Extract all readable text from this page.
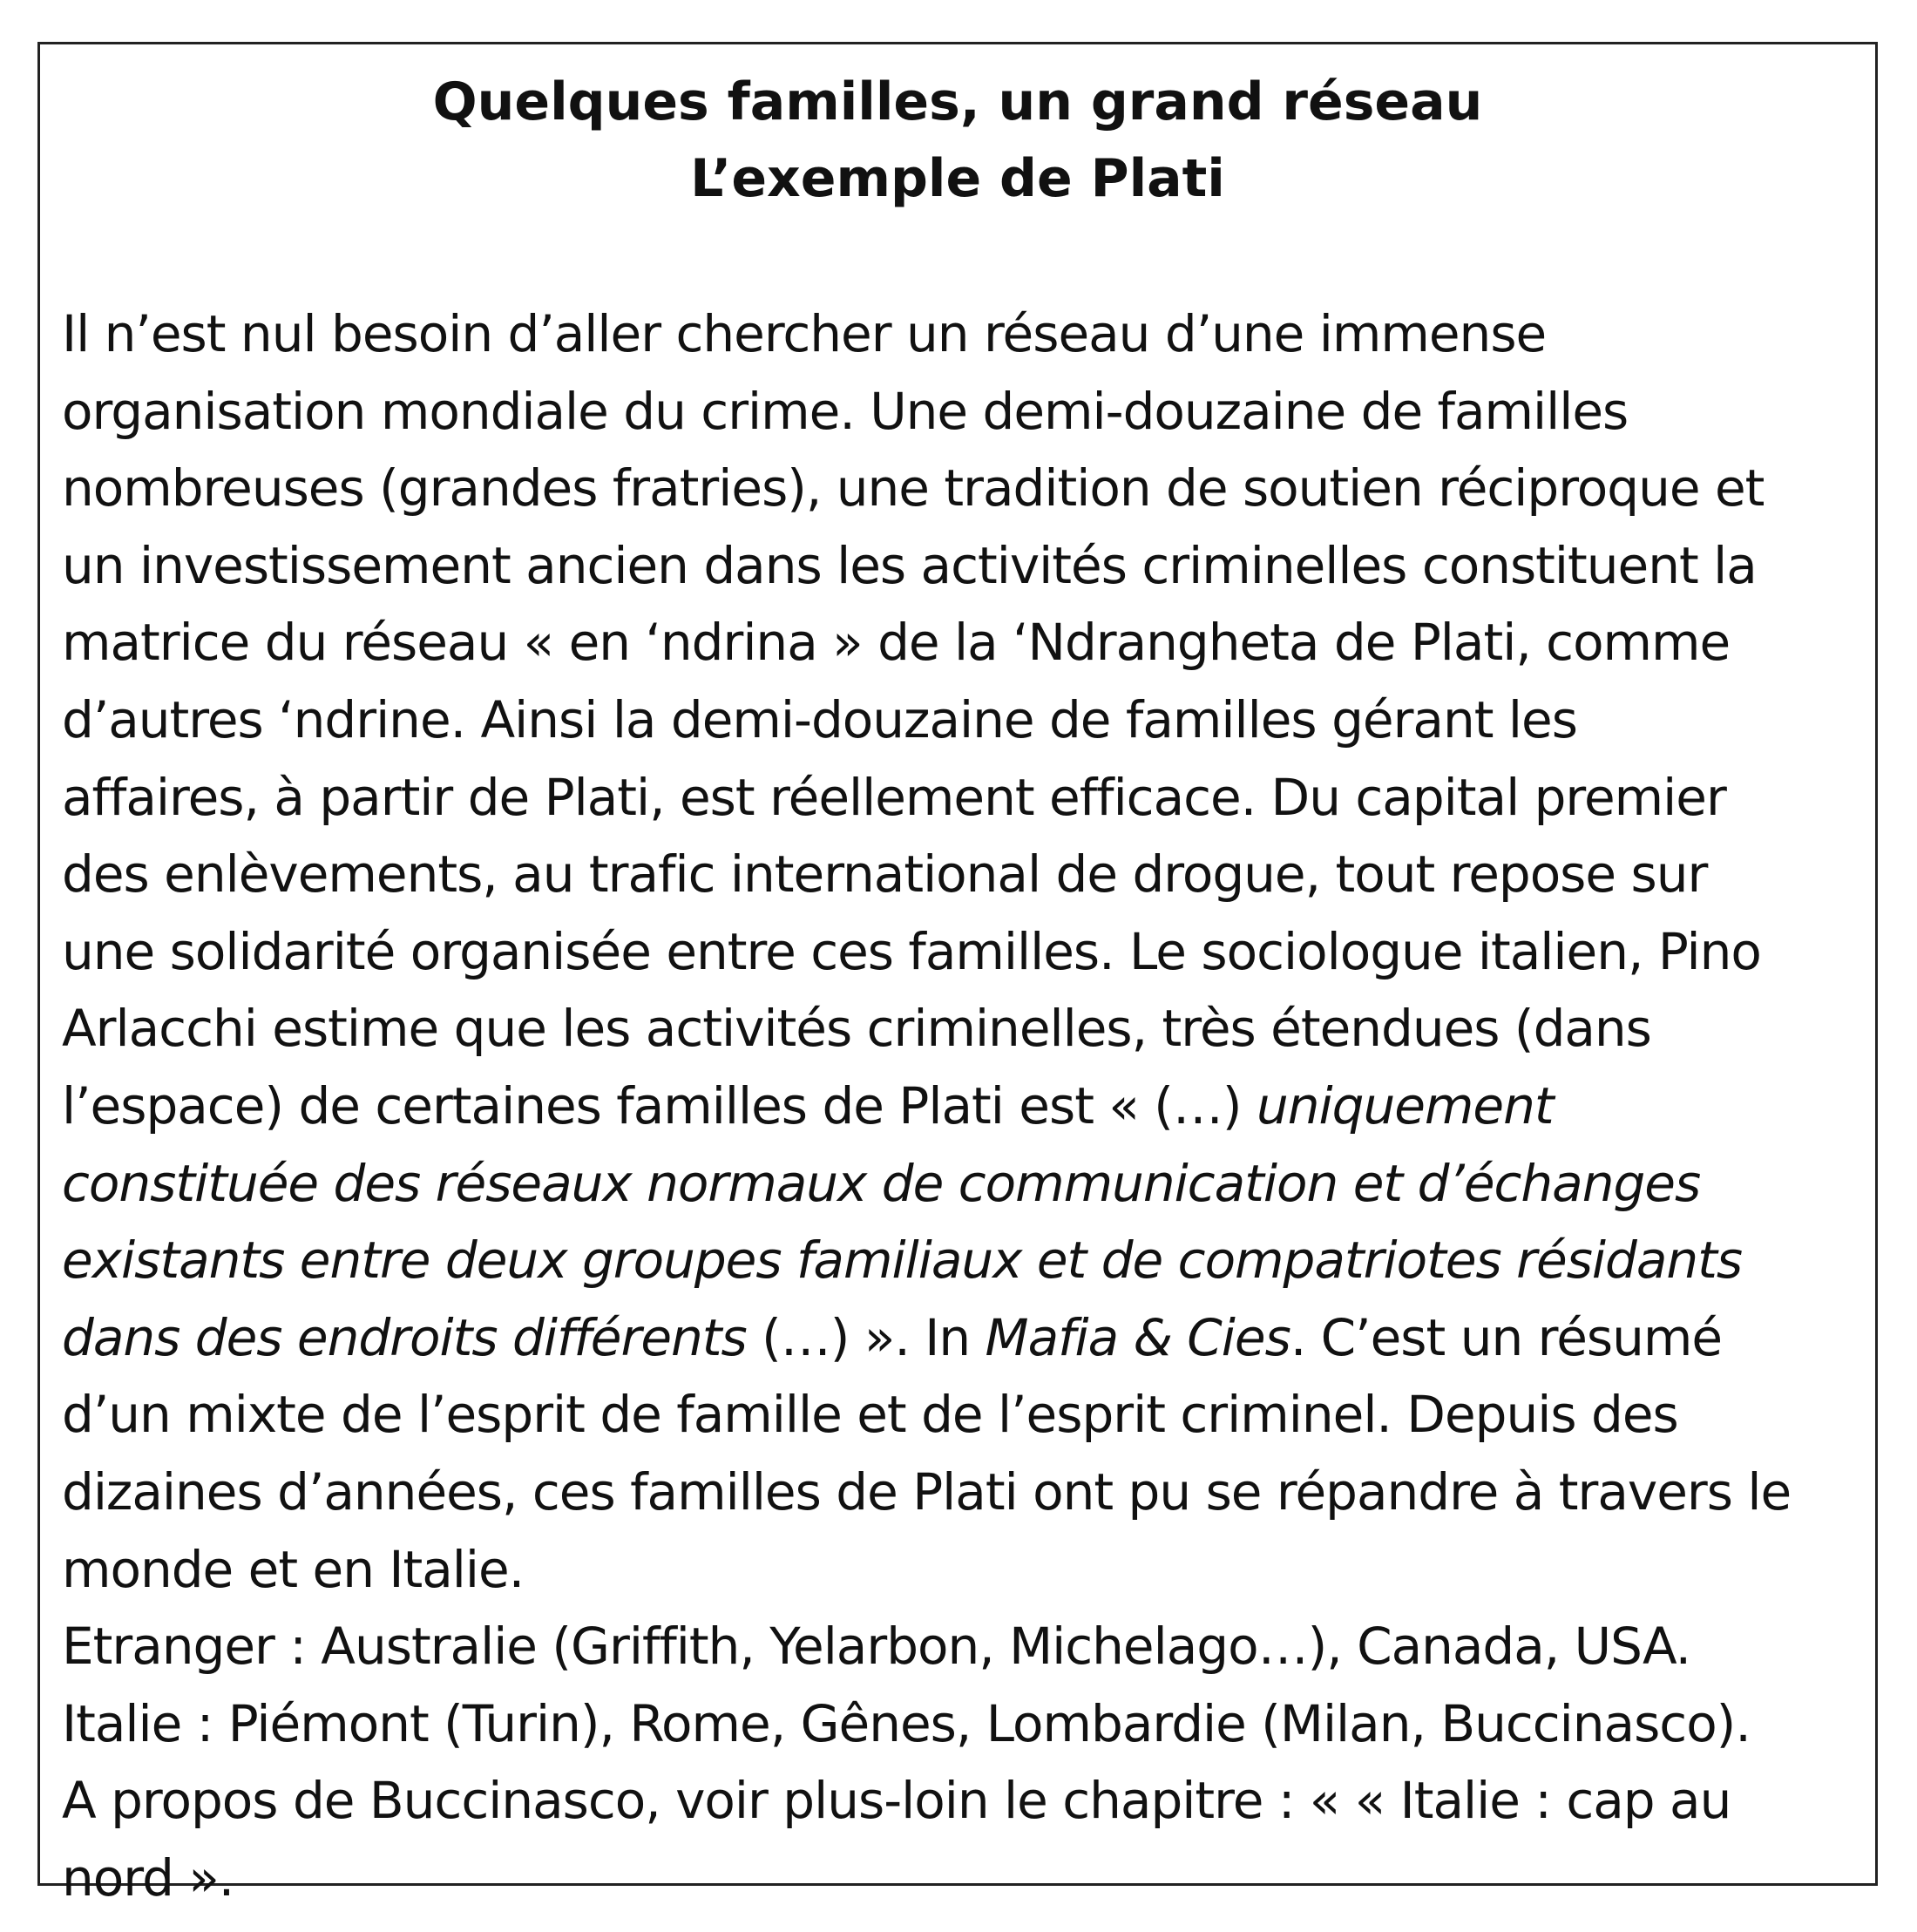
Quelques familles, un grand réseau
L’exemple de Plati
Il n’est nul besoin d’aller chercher un réseau d’une immense
organisation mondiale du crime. Une demi-douzaine de familles
nombreuses (grandes fratries), une tradition de soutien réciproque et
un investissement ancien dans les activités criminelles constituent la
matrice du réseau « en ‘ndrina » de la ‘Ndrangheta de Plati, comme
d’autres ‘ndrine. Ainsi la demi-douzaine de familles gérant les
affaires, à partir de Plati, est réellement efficace. Du capital premier
des enlèvements, au trafic international de drogue, tout repose sur
une solidarité organisée entre ces familles. Le sociologue italien, Pino
Arlacchi estime que les activités criminelles, très étendues (dans
l’espace) de certaines familles de Plati est « (…) uniquement
constituée des réseaux normaux de communication et d’échanges
existants entre deux groupes familiaux et de compatriotes résidants
dans des endroits différents (…) ». In Mafia & Cies. C’est un résumé
d’un mixte de l’esprit de famille et de l’esprit criminel. Depuis des
dizaines d’années, ces familles de Plati ont pu se répandre à travers le
monde et en Italie.
Etranger : Australie (Griffith, Yelarbon, Michelago…), Canada, USA.
Italie : Piémont (Turin), Rome, Gênes, Lombardie (Milan, Buccinasco).
A propos de Buccinasco, voir plus-loin le chapitre : « « Italie : cap au
nord ».
